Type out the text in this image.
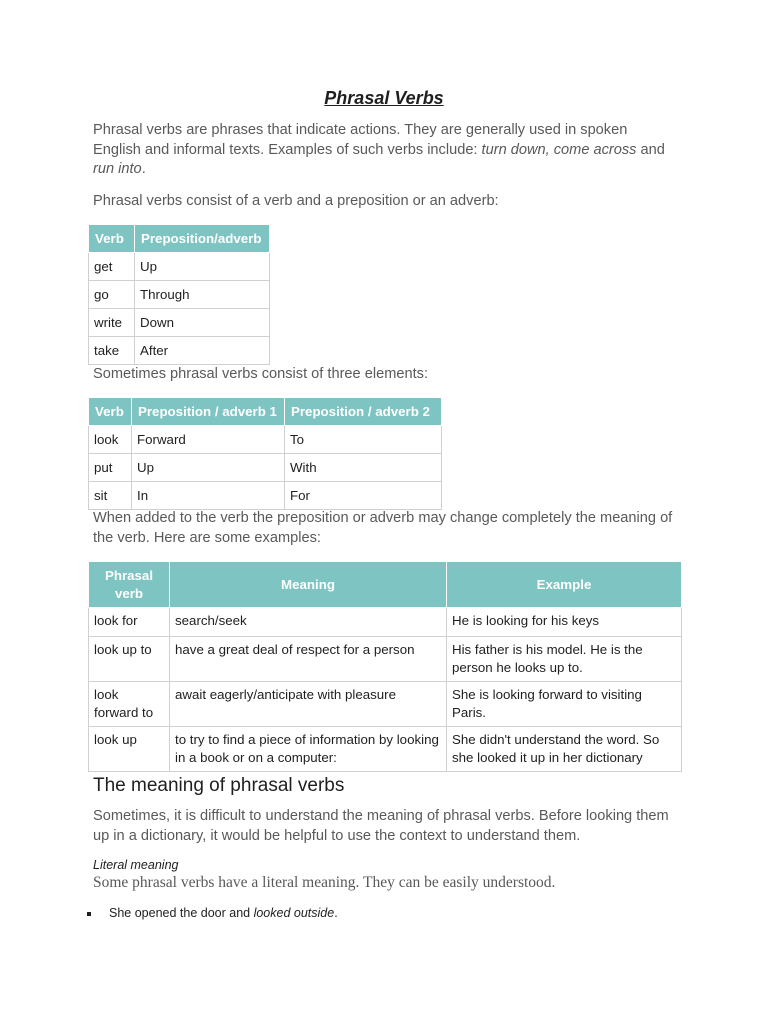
Phrasal Verbs
Phrasal verbs are phrases that indicate actions. They are generally used in spoken English and informal texts. Examples of such verbs include: turn down, come across and run into.
Phrasal verbs consist of a verb and a preposition or an adverb:
Verb	Preposition/adverb
get	Up
go	Through
write	Down
take	After
Sometimes phrasal verbs consist of three elements:
Verb	Preposition / adverb 1	Preposition / adverb 2
look	Forward	To
put	Up	With
sit	In	For
When added to the verb the preposition or adverb may change completely the meaning of the verb. Here are some examples:
Phrasal verb	Meaning	Example
look for	search/seek	He is looking for his keys
look up to	have a great deal of respect for a person	His father is his model. He is the person he looks up to.
look forward to	await eagerly/anticipate with pleasure	She is looking forward to visiting Paris.
look up	to try to find a piece of information by looking in a book or on a computer:	She didn't understand the word. So she looked it up in her dictionary
The meaning of phrasal verbs
Sometimes, it is difficult to understand the meaning of phrasal verbs. Before looking them up in a dictionary, it would be helpful to use the context to understand them.
Literal meaning
Some phrasal verbs have a literal meaning. They can be easily understood.
She opened the door and looked outside.
